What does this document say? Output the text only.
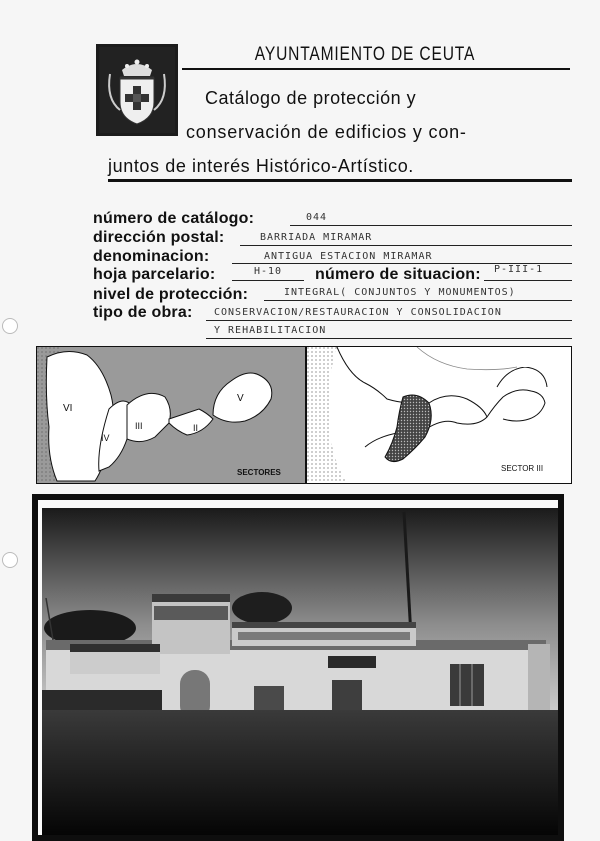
AYUNTAMIENTO DE CEUTA
Catálogo de protección y
conservación de edificios y con-
juntos de interés Histórico-Artístico.
número de catálogo:	044
dirección postal:	BARRIADA MIRAMAR
denominacion:	ANTIGUA ESTACION MIRAMAR
hoja parcelario:	H-10 número de situacion: P-III-1
nivel de protección:	INTEGRAL( CONJUNTOS Y MONUMENTOS)
tipo de obra: CONSERVACION/RESTAURACION Y CONSOLIDACION
Y REHABILITACION
VI
IV
III	II
V
SECTORES	SECTOR III
